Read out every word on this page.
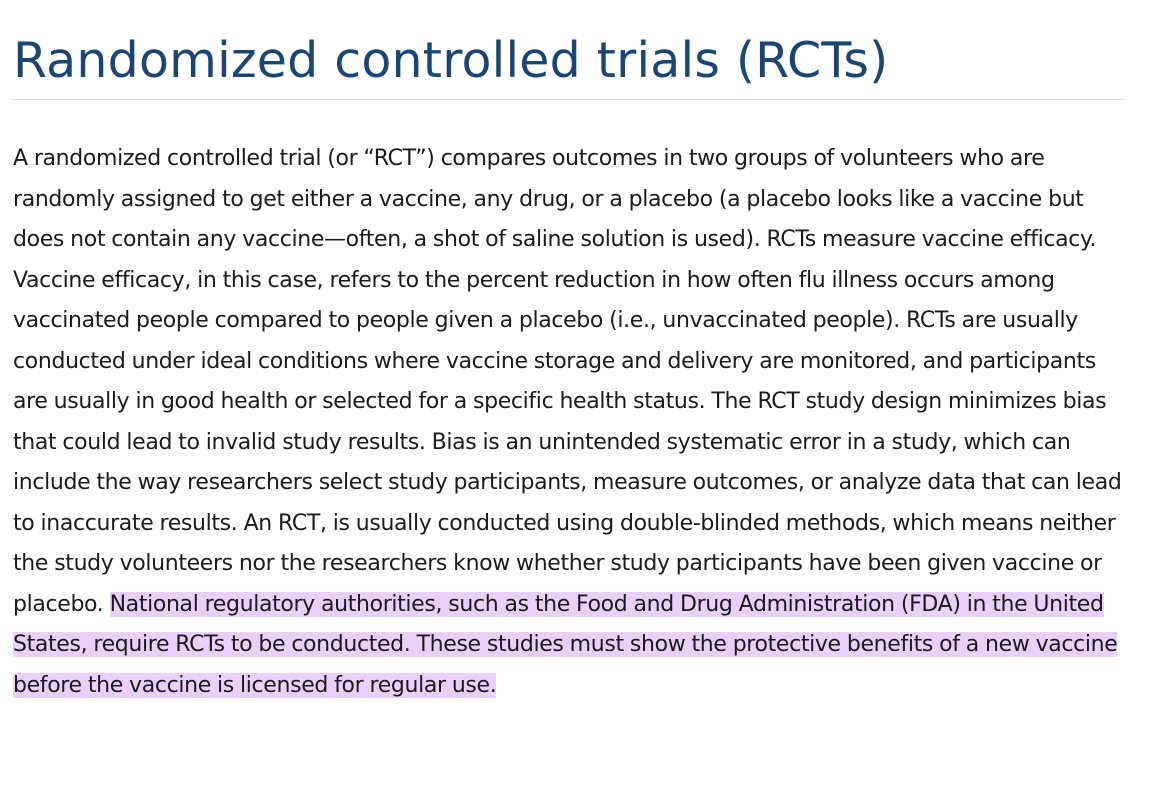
Randomized controlled trials (RCTs)

A randomized controlled trial (or “RCT”) compares outcomes in two groups of volunteers who are randomly assigned to get either a vaccine, any drug, or a placebo (a placebo looks like a vaccine but does not contain any vaccine—often, a shot of saline solution is used). RCTs measure vaccine efficacy. Vaccine efficacy, in this case, refers to the percent reduction in how often flu illness occurs among vaccinated people compared to people given a placebo (i.e., unvaccinated people). RCTs are usually conducted under ideal conditions where vaccine storage and delivery are monitored, and participants are usually in good health or selected for a specific health status. The RCT study design minimizes bias that could lead to invalid study results. Bias is an unintended systematic error in a study, which can include the way researchers select study participants, measure outcomes, or analyze data that can lead to inaccurate results. An RCT, is usually conducted using double-blinded methods, which means neither the study volunteers nor the researchers know whether study participants have been given vaccine or placebo. National regulatory authorities, such as the Food and Drug Administration (FDA) in the United States, require RCTs to be conducted. These studies must show the protective benefits of a new vaccine before the vaccine is licensed for regular use.
